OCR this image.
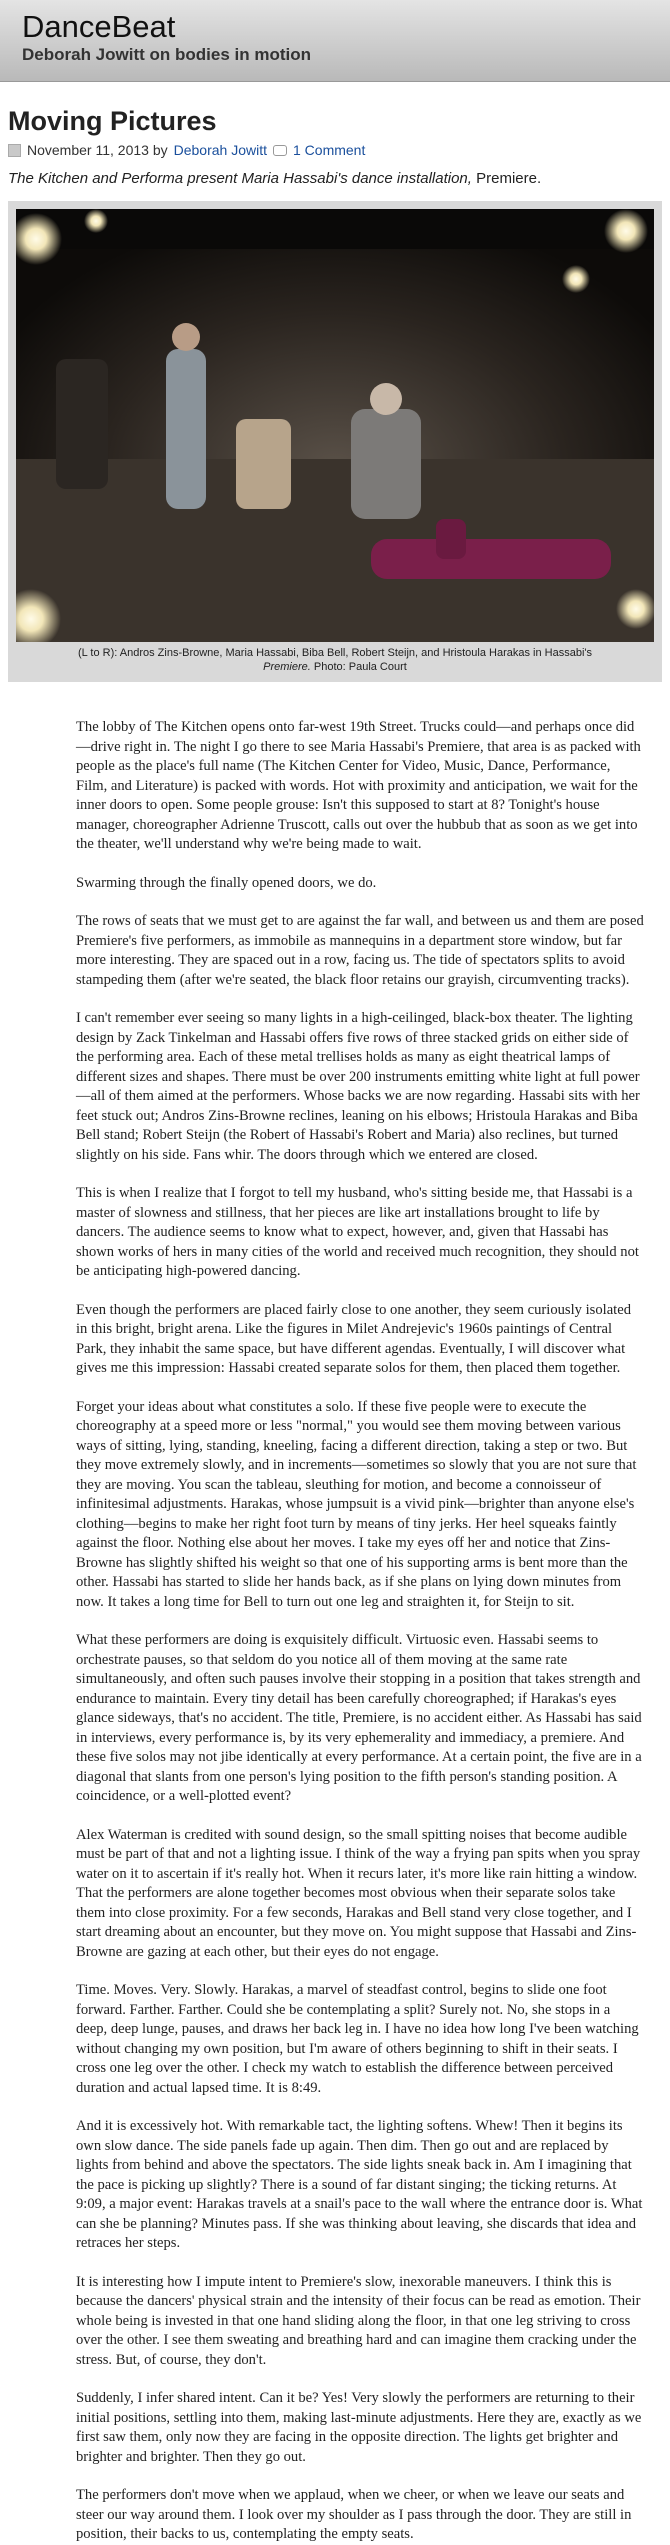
DanceBeat
Deborah Jowitt on bodies in motion
Moving Pictures
November 11, 2013 by Deborah Jowitt 1 Comment
The Kitchen and Performa present Maria Hassabi's dance installation, Premiere.
(L to R): Andros Zins-Browne, Maria Hassabi, Biba Bell, Robert Steijn, and Hristoula Harakas in Hassabi's
Premiere. Photo: Paula Court

The lobby of The Kitchen opens onto far-west 19th Street. Trucks could—and perhaps once did—drive right in. The night I go there to see Maria Hassabi's Premiere, that area is as packed with people as the place's full name (The Kitchen Center for Video, Music, Dance, Performance, Film, and Literature) is packed with words. Hot with proximity and anticipation, we wait for the inner doors to open. Some people grouse: Isn't this supposed to start at 8? Tonight's house manager, choreographer Adrienne Truscott, calls out over the hubbub that as soon as we get into the theater, we'll understand why we're being made to wait.

Swarming through the finally opened doors, we do.

The rows of seats that we must get to are against the far wall, and between us and them are posed Premiere's five performers, as immobile as mannequins in a department store window, but far more interesting. They are spaced out in a row, facing us. The tide of spectators splits to avoid stampeding them (after we're seated, the black floor retains our grayish, circumventing tracks).

I can't remember ever seeing so many lights in a high-ceilinged, black-box theater. The lighting design by Zack Tinkelman and Hassabi offers five rows of three stacked grids on either side of the performing area. Each of these metal trellises holds as many as eight theatrical lamps of different sizes and shapes. There must be over 200 instruments emitting white light at full power—all of them aimed at the performers. Whose backs we are now regarding. Hassabi sits with her feet stuck out; Andros Zins-Browne reclines, leaning on his elbows; Hristoula Harakas and Biba Bell stand; Robert Steijn (the Robert of Hassabi's Robert and Maria) also reclines, but turned slightly on his side. Fans whir. The doors through which we entered are closed.

This is when I realize that I forgot to tell my husband, who's sitting beside me, that Hassabi is a master of slowness and stillness, that her pieces are like art installations brought to life by dancers. The audience seems to know what to expect, however, and, given that Hassabi has shown works of hers in many cities of the world and received much recognition, they should not be anticipating high-powered dancing.

Even though the performers are placed fairly close to one another, they seem curiously isolated in this bright, bright arena. Like the figures in Milet Andrejevic's 1960s paintings of Central Park, they inhabit the same space, but have different agendas. Eventually, I will discover what gives me this impression: Hassabi created separate solos for them, then placed them together.

Forget your ideas about what constitutes a solo. If these five people were to execute the choreography at a speed more or less "normal," you would see them moving between various ways of sitting, lying, standing, kneeling, facing a different direction, taking a step or two. But they move extremely slowly, and in increments—sometimes so slowly that you are not sure that they are moving. You scan the tableau, sleuthing for motion, and become a connoisseur of infinitesimal adjustments. Harakas, whose jumpsuit is a vivid pink—brighter than anyone else's clothing—begins to make her right foot turn by means of tiny jerks. Her heel squeaks faintly against the floor. Nothing else about her moves. I take my eyes off her and notice that Zins-Browne has slightly shifted his weight so that one of his supporting arms is bent more than the other. Hassabi has started to slide her hands back, as if she plans on lying down minutes from now. It takes a long time for Bell to turn out one leg and straighten it, for Steijn to sit.

What these performers are doing is exquisitely difficult. Virtuosic even. Hassabi seems to orchestrate pauses, so that seldom do you notice all of them moving at the same rate simultaneously, and often such pauses involve their stopping in a position that takes strength and endurance to maintain. Every tiny detail has been carefully choreographed; if Harakas's eyes glance sideways, that's no accident. The title, Premiere, is no accident either. As Hassabi has said in interviews, every performance is, by its very ephemerality and immediacy, a premiere. And these five solos may not jibe identically at every performance. At a certain point, the five are in a diagonal that slants from one person's lying position to the fifth person's standing position. A coincidence, or a well-plotted event?

Alex Waterman is credited with sound design, so the small spitting noises that become audible must be part of that and not a lighting issue. I think of the way a frying pan spits when you spray water on it to ascertain if it's really hot. When it recurs later, it's more like rain hitting a window. That the performers are alone together becomes most obvious when their separate solos take them into close proximity. For a few seconds, Harakas and Bell stand very close together, and I start dreaming about an encounter, but they move on. You might suppose that Hassabi and Zins-Browne are gazing at each other, but their eyes do not engage.

Time. Moves. Very. Slowly. Harakas, a marvel of steadfast control, begins to slide one foot forward. Farther. Farther. Could she be contemplating a split? Surely not. No, she stops in a deep, deep lunge, pauses, and draws her back leg in. I have no idea how long I've been watching without changing my own position, but I'm aware of others beginning to shift in their seats. I cross one leg over the other. I check my watch to establish the difference between perceived duration and actual lapsed time. It is 8:49.

And it is excessively hot. With remarkable tact, the lighting softens. Whew! Then it begins its own slow dance. The side panels fade up again. Then dim. Then go out and are replaced by lights from behind and above the spectators. The side lights sneak back in. Am I imagining that the pace is picking up slightly? There is a sound of far distant singing; the ticking returns. At 9:09, a major event: Harakas travels at a snail's pace to the wall where the entrance door is. What can she be planning? Minutes pass. If she was thinking about leaving, she discards that idea and retraces her steps.

It is interesting how I impute intent to Premiere's slow, inexorable maneuvers. I think this is because the dancers' physical strain and the intensity of their focus can be read as emotion. Their whole being is invested in that one hand sliding along the floor, in that one leg striving to cross over the other. I see them sweating and breathing hard and can imagine them cracking under the stress. But, of course, they don't.

Suddenly, I infer shared intent. Can it be? Yes! Very slowly the performers are returning to their initial positions, settling into them, making last-minute adjustments. Here they are, exactly as we first saw them, only now they are facing in the opposite direction. The lights get brighter and brighter and brighter. Then they go out.

The performers don't move when we applaud, when we cheer, or when we leave our seats and steer our way around them. I look over my shoulder as I pass through the door. They are still in position, their backs to us, contemplating the empty seats.
